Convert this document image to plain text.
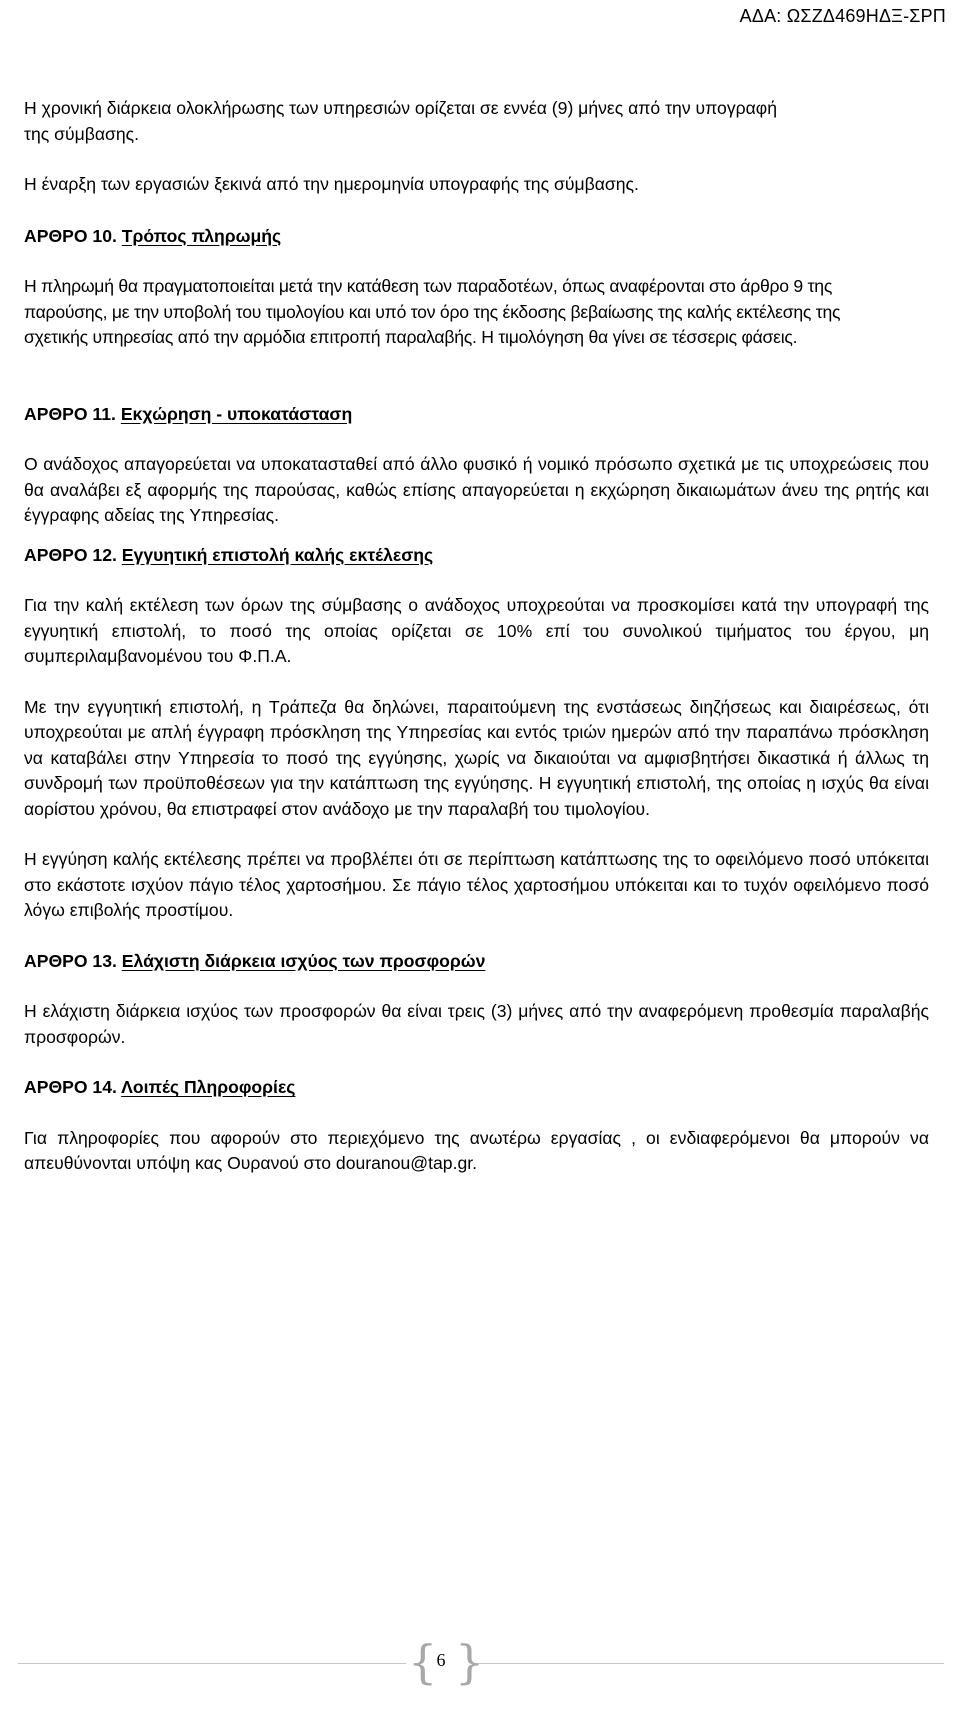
ΑΔΑ: ΩΣΖΔ469ΗΔΞ-ΣΡΠ

Η χρονική διάρκεια ολοκλήρωσης των υπηρεσιών ορίζεται σε εννέα (9) μήνες από την υπογραφή της σύμβασης.

Η έναρξη των εργασιών ξεκινά από την ημερομηνία υπογραφής της σύμβασης.

ΑΡΘΡΟ 10. Τρόπος πληρωμής

Η πληρωμή θα πραγματοποιείται μετά την κατάθεση των παραδοτέων, όπως αναφέρονται στο άρθρο 9 της παρούσης, με την υποβολή του τιμολογίου και υπό τον όρο της έκδοσης βεβαίωσης της καλής εκτέλεσης της σχετικής υπηρεσίας από την αρμόδια επιτροπή παραλαβής. Η τιμολόγηση θα γίνει σε τέσσερις φάσεις.

ΑΡΘΡΟ 11. Εκχώρηση - υποκατάσταση

Ο ανάδοχος απαγορεύεται να υποκατασταθεί από άλλο φυσικό ή νομικό πρόσωπο σχετικά με τις υποχρεώσεις που θα αναλάβει εξ αφορμής της παρούσας, καθώς επίσης απαγορεύεται η εκχώρηση δικαιωμάτων άνευ της ρητής και έγγραφης αδείας της Υπηρεσίας.

ΑΡΘΡΟ 12. Εγγυητική επιστολή καλής εκτέλεσης

Για την καλή εκτέλεση των όρων της σύμβασης ο ανάδοχος υποχρεούται να προσκομίσει κατά την υπογραφή της εγγυητική επιστολή, το ποσό της οποίας ορίζεται σε 10% επί του συνολικού τιμήματος του έργου, μη συμπεριλαμβανομένου του Φ.Π.Α.

Με την εγγυητική επιστολή, η Τράπεζα θα δηλώνει, παραιτούμενη της ενστάσεως διηζήσεως και διαιρέσεως, ότι υποχρεούται με απλή έγγραφη πρόσκληση της Υπηρεσίας και εντός τριών ημερών από την παραπάνω πρόσκληση να καταβάλει στην Υπηρεσία το ποσό της εγγύησης, χωρίς να δικαιούται να αμφισβητήσει δικαστικά ή άλλως τη συνδρομή των προϋποθέσεων για την κατάπτωση της εγγύησης. Η εγγυητική επιστολή, της οποίας η ισχύς θα είναι αορίστου χρόνου, θα επιστραφεί στον ανάδοχο με την παραλαβή του τιμολογίου.

Η εγγύηση καλής εκτέλεσης πρέπει να προβλέπει ότι σε περίπτωση κατάπτωσης της το οφειλόμενο ποσό υπόκειται στο εκάστοτε ισχύον πάγιο τέλος χαρτοσήμου. Σε πάγιο τέλος χαρτοσήμου υπόκειται και το τυχόν οφειλόμενο ποσό λόγω επιβολής προστίμου.

ΑΡΘΡΟ 13. Ελάχιστη διάρκεια ισχύος των προσφορών

Η ελάχιστη διάρκεια ισχύος των προσφορών θα είναι τρεις (3) μήνες από την αναφερόμενη προθεσμία παραλαβής προσφορών.

ΑΡΘΡΟ 14. Λοιπές Πληροφορίες

Για πληροφορίες που αφορούν στο περιεχόμενο της ανωτέρω εργασίας , οι ενδιαφερόμενοι θα μπορούν να απευθύνονται υπόψη κας Ουρανού στο douranou@tap.gr.

{ 6 }
